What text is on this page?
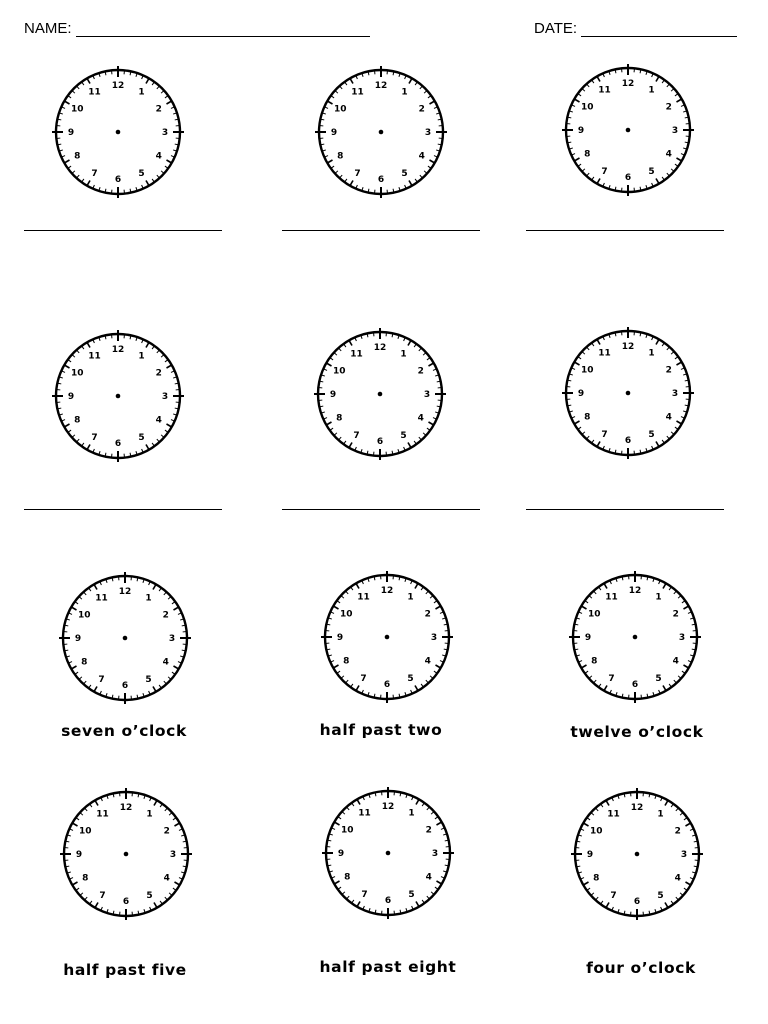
NAME:	DATE:
12
1
2
3
4
5
6
7
8
9
10
11
12
1
2
3
4
5
6
7
8
9
10
11
12
1
2
3
4
5
6
7
8
9
10
11
12
1
2
3
4
5
6
7
8
9
10
11
12
1
2
3
4
5
6
7
8
9
10
11
12
1
2
3
4
5
6
7
8
9
10
11
12
1
2
3
4
5
6
7
8
9
10
11
12
1
2
3
4
5
6
7
8
9
10
11
12
1
2
3
4
5
6
7
8
9
10
11
seven o’clock	half past two	twelve o’clock
12
1
2
3
4
5
6
7
8
9
10
11
12
1
2
3
4
5
6
7
8
9
10
11
12
1
2
3
4
5
6
7
8
9
10
11
half past five	half past eight	four o’clock
